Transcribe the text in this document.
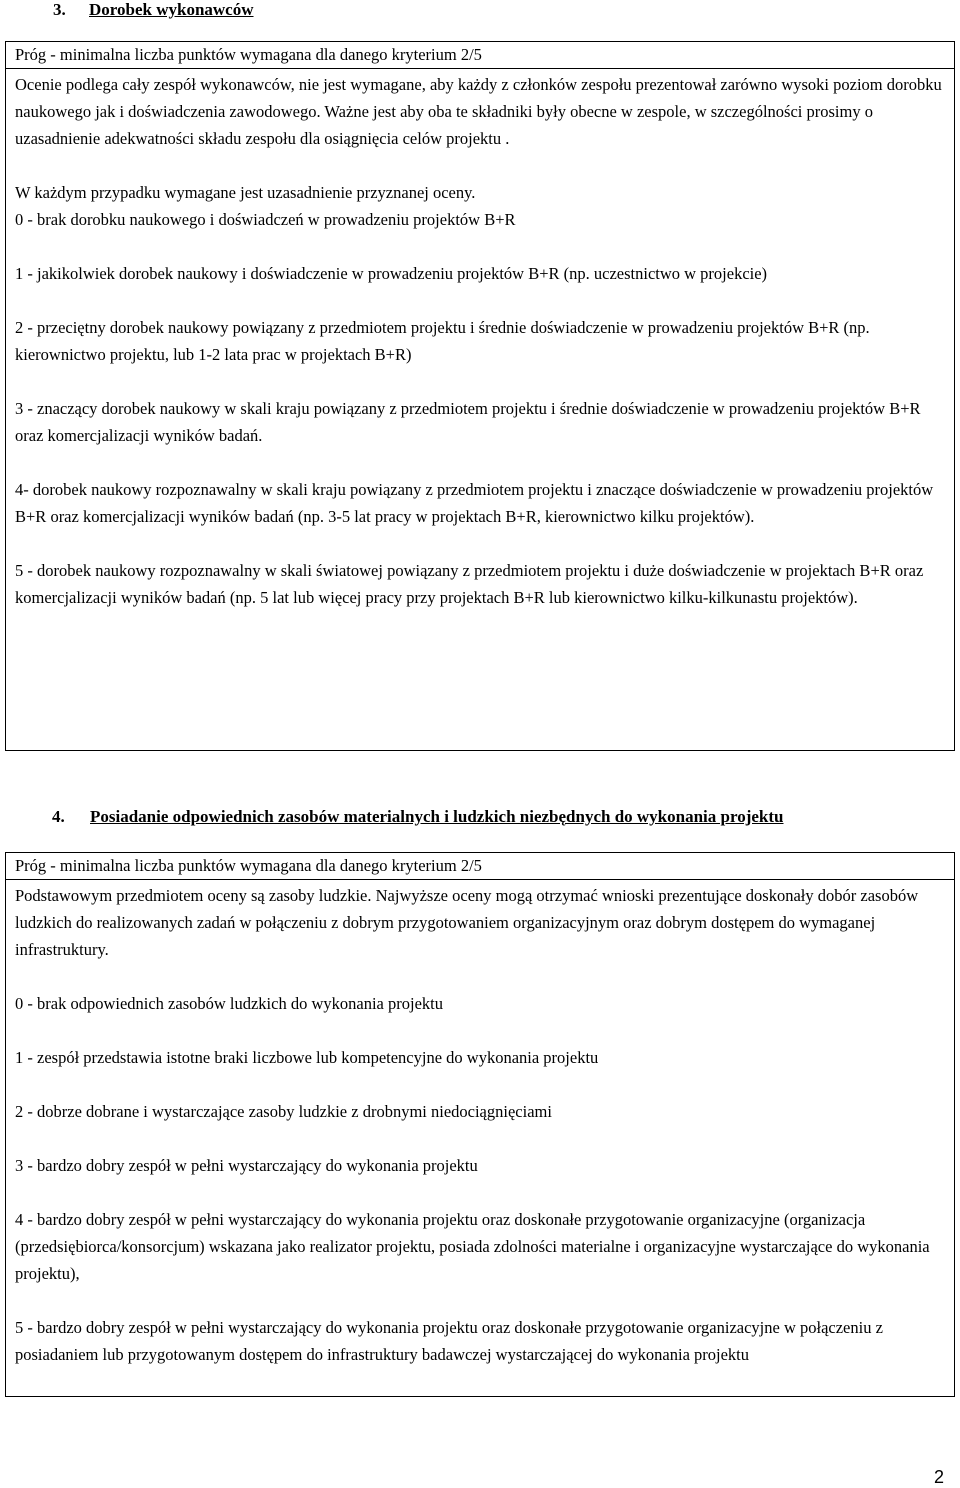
3. Dorobek wykonawców
Próg - minimalna liczba punktów wymagana dla danego kryterium 2/5

Ocenie podlega cały zespół wykonawców, nie jest wymagane, aby każdy z członków zespołu prezentował zarówno wysoki poziom dorobku naukowego jak i doświadczenia zawodowego. Ważne jest aby oba te składniki były obecne w zespole, w szczególności prosimy o uzasadnienie adekwatności składu zespołu dla osiągnięcia celów projektu .

W każdym przypadku wymagane jest uzasadnienie przyznanej oceny.

0 - brak dorobku naukowego i doświadczeń w prowadzeniu projektów B+R

1 - jakikolwiek dorobek naukowy i doświadczenie w prowadzeniu projektów B+R (np. uczestnictwo w projekcie)

2 - przeciętny dorobek naukowy powiązany z przedmiotem projektu i średnie doświadczenie w prowadzeniu projektów B+R (np. kierownictwo projektu, lub 1-2 lata prac w projektach B+R)

3 - znaczący dorobek naukowy w skali kraju powiązany z przedmiotem projektu i średnie doświadczenie w prowadzeniu projektów B+R oraz komercjalizacji wyników badań.

4- dorobek naukowy rozpoznawalny w skali kraju powiązany z przedmiotem projektu i znaczące doświadczenie w prowadzeniu projektów B+R oraz komercjalizacji wyników badań (np. 3-5 lat pracy w projektach B+R, kierownictwo kilku projektów).

5 - dorobek naukowy rozpoznawalny w skali światowej powiązany z przedmiotem projektu i duże doświadczenie w projektach B+R oraz komercjalizacji wyników badań (np. 5 lat lub więcej pracy przy projektach B+R lub kierownictwo kilku-kilkunastu projektów).

4. Posiadanie odpowiednich zasobów materialnych i ludzkich niezbędnych do wykonania projektu
Próg - minimalna liczba punktów wymagana dla danego kryterium 2/5

Podstawowym przedmiotem oceny są zasoby ludzkie. Najwyższe oceny mogą otrzymać wnioski prezentujące doskonały dobór zasobów ludzkich do realizowanych zadań w połączeniu z dobrym przygotowaniem organizacyjnym oraz dobrym dostępem do wymaganej infrastruktury.

0 - brak odpowiednich zasobów ludzkich do wykonania projektu

1 - zespół przedstawia istotne braki liczbowe lub kompetencyjne do wykonania projektu

2 - dobrze dobrane i wystarczające zasoby ludzkie z drobnymi niedociągnięciami

3 - bardzo dobry zespół w pełni wystarczający do wykonania projektu

4 - bardzo dobry zespół w pełni wystarczający do wykonania projektu oraz doskonałe przygotowanie organizacyjne (organizacja (przedsiębiorca/konsorcjum) wskazana jako realizator projektu, posiada zdolności materialne i organizacyjne wystarczające do wykonania projektu),

5 - bardzo dobry zespół w pełni wystarczający do wykonania projektu oraz doskonałe przygotowanie organizacyjne w połączeniu z posiadaniem lub przygotowanym dostępem do infrastruktury badawczej wystarczającej do wykonania projektu

2
